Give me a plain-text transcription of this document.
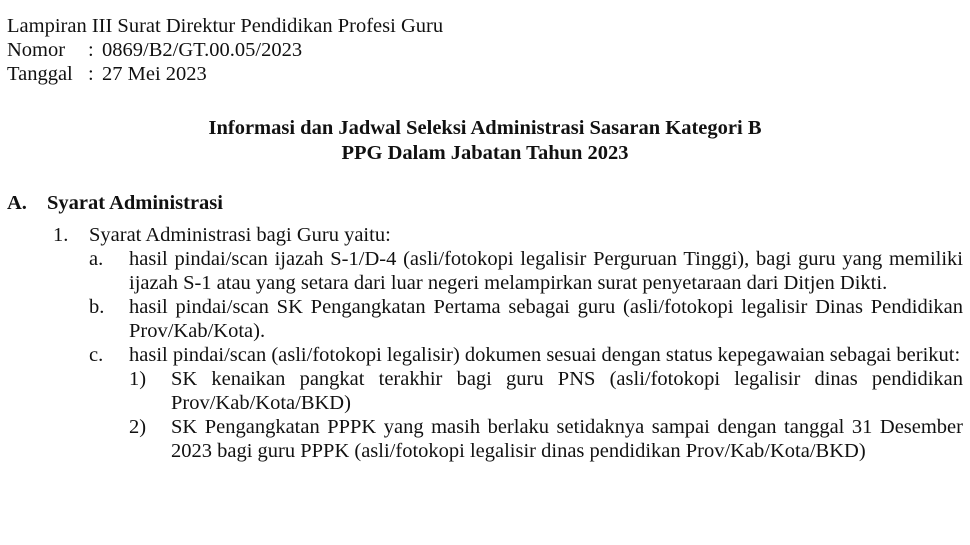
Lampiran III Surat Direktur Pendidikan Profesi Guru
Nomor	: 0869/B2/GT.00.05/2023
Tanggal : 27 Mei 2023
Informasi dan Jadwal Seleksi Administrasi Sasaran Kategori B
PPG Dalam Jabatan Tahun 2023
A. Syarat Administrasi
1.	Syarat Administrasi bagi Guru yaitu:
a.	hasil pindai/scan ijazah S-1/D-4 (asli/fotokopi legalisir Perguruan Tinggi), bagi guru yang memiliki ijazah S-1 atau yang setara dari luar negeri melampirkan surat penyetaraan dari Ditjen Dikti.
b.	hasil pindai/scan SK Pengangkatan Pertama sebagai guru (asli/fotokopi legalisir Dinas Pendidikan Prov/Kab/Kota).
c.	hasil pindai/scan (asli/fotokopi legalisir) dokumen sesuai dengan status kepegawaian sebagai berikut:
1)	SK kenaikan pangkat terakhir bagi guru PNS (asli/fotokopi legalisir dinas pendidikan Prov/Kab/Kota/BKD)
2)	SK Pengangkatan PPPK yang masih berlaku setidaknya sampai dengan tanggal 31 Desember 2023 bagi guru PPPK (asli/fotokopi legalisir dinas pendidikan Prov/Kab/Kota/BKD)
